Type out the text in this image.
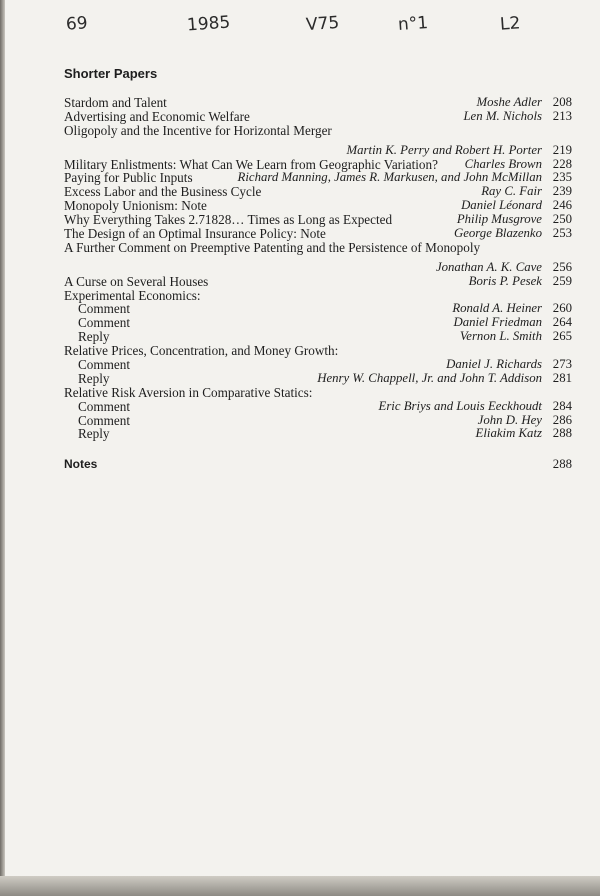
69	1985	V75	n°1	L2
Shorter Papers
Stardom and Talent	Moshe Adler 208
Advertising and Economic Welfare	Len M. Nichols 213
Oligopoly and the Incentive for Horizontal Merger
Martin K. Perry and Robert H. Porter 219
Military Enlistments: What Can We Learn from Geographic Variation? Charles Brown 228
Paying for Public Inputs	Richard Manning, James R. Markusen, and John McMillan 235
Excess Labor and the Business Cycle	Ray C. Fair 239
Monopoly Unionism: Note	Daniel Léonard 246
Why Everything Takes 2.71828… Times as Long as Expected	Philip Musgrove 250
The Design of an Optimal Insurance Policy: Note	George Blazenko 253
A Further Comment on Preemptive Patenting and the Persistence of Monopoly
Jonathan A. K. Cave 256
A Curse on Several Houses	Boris P. Pesek 259
Experimental Economics:
Comment	Ronald A. Heiner 260
Comment	Daniel Friedman 264
Reply	Vernon L. Smith 265
Relative Prices, Concentration, and Money Growth:
Comment	Daniel J. Richards 273
Reply	Henry W. Chappell, Jr. and John T. Addison 281
Relative Risk Aversion in Comparative Statics:
Comment	Eric Briys and Louis Eeckhoudt 284
Comment	John D. Hey 286
Reply	Eliakim Katz 288
Notes	288
